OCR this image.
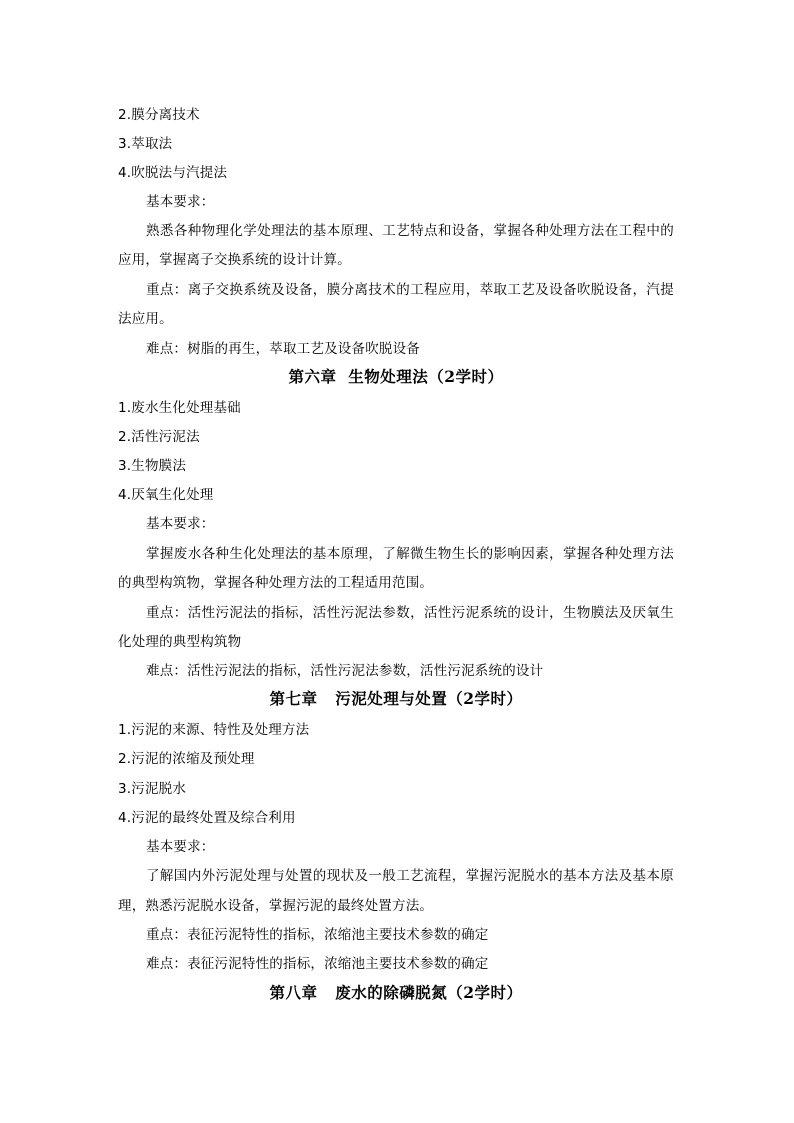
2.膜分离技术
3.萃取法
4.吹脱法与汽提法
基本要求：
熟悉各种物理化学处理法的基本原理、工艺特点和设备，掌握各种处理方法在工程中的
应用，掌握离子交换系统的设计计算。
重点：离子交换系统及设备，膜分离技术的工程应用，萃取工艺及设备吹脱设备，汽提
法应用。
难点：树脂的再生，萃取工艺及设备吹脱设备
第六章  生物处理法（2学时）
1.废水生化处理基础
2.活性污泥法
3.生物膜法
4.厌氧生化处理
基本要求：
掌握废水各种生化处理法的基本原理，了解微生物生长的影响因素，掌握各种处理方法
的典型构筑物，掌握各种处理方法的工程适用范围。
重点：活性污泥法的指标，活性污泥法参数，活性污泥系统的设计，生物膜法及厌氧生
化处理的典型构筑物
难点：活性污泥法的指标，活性污泥法参数，活性污泥系统的设计
第七章   污泥处理与处置（2学时）
1.污泥的来源、特性及处理方法
2.污泥的浓缩及预处理
3.污泥脱水
4.污泥的最终处置及综合利用
基本要求：
了解国内外污泥处理与处置的现状及一般工艺流程，掌握污泥脱水的基本方法及基本原
理，熟悉污泥脱水设备，掌握污泥的最终处置方法。
重点：表征污泥特性的指标，浓缩池主要技术参数的确定
难点：表征污泥特性的指标，浓缩池主要技术参数的确定
第八章   废水的除磷脱氮（2学时）
